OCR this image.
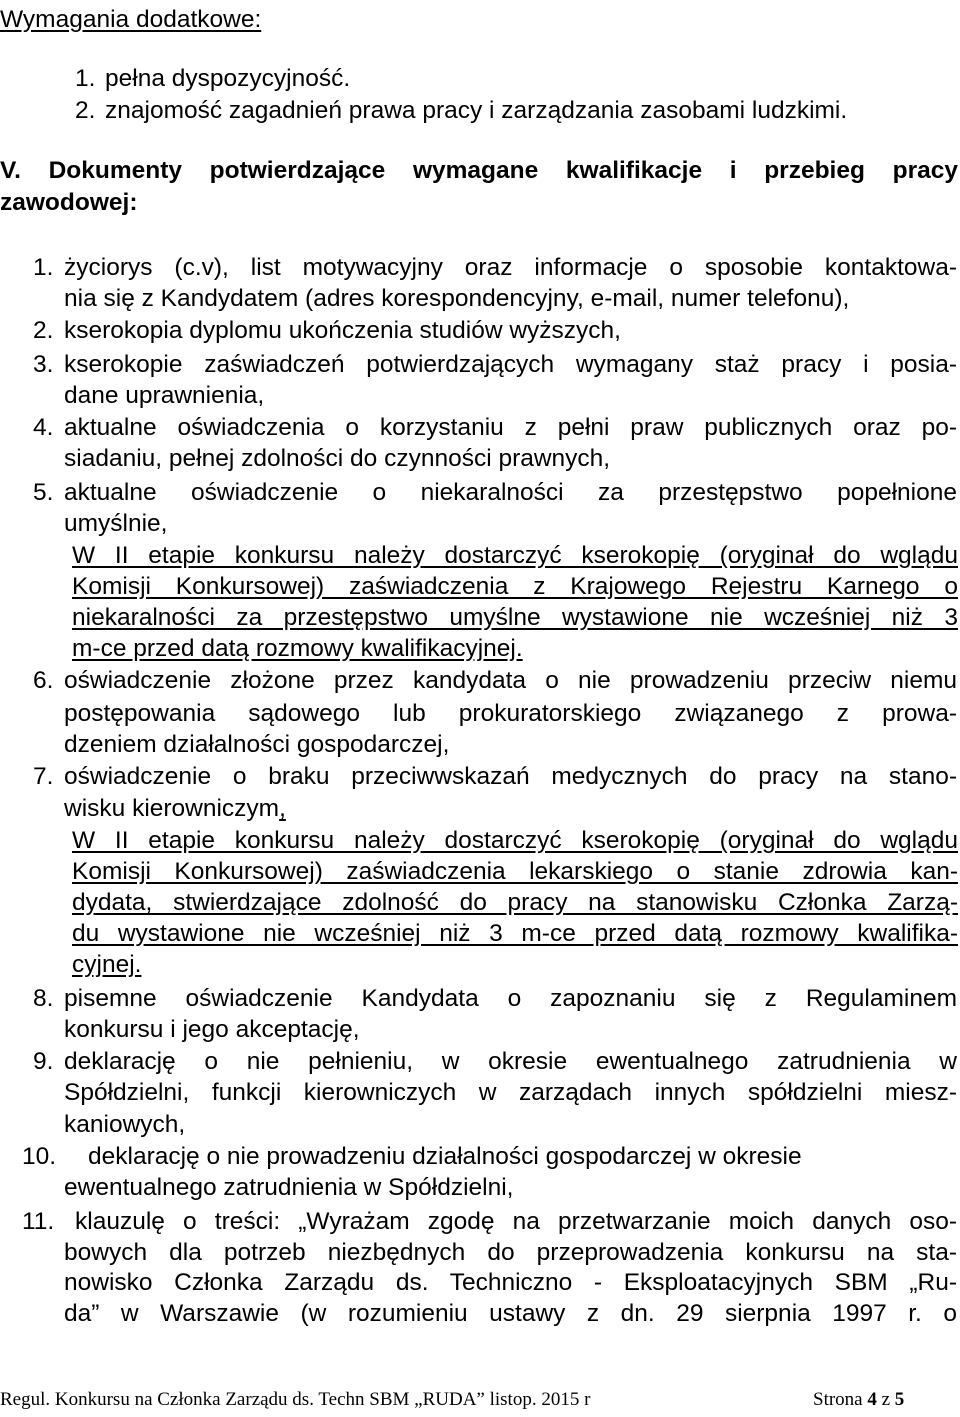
Wymagania dodatkowe:
1. pełna dyspozycyjność.
2. znajomość zagadnień prawa pracy i zarządzania zasobami ludzkimi.
V. Dokumenty potwierdzające wymagane kwalifikacje i przebieg pracy
zawodowej:
1. życiorys (c.v), list motywacyjny oraz informacje o sposobie kontaktowa-
nia się z Kandydatem (adres korespondencyjny, e-mail, numer telefonu),
2. kserokopia dyplomu ukończenia studiów wyższych,
3. kserokopie zaświadczeń potwierdzających wymagany staż pracy i posia-
dane uprawnienia,
4. aktualne oświadczenia o korzystaniu z pełni praw publicznych oraz po-
siadaniu, pełnej zdolności do czynności prawnych,
5. aktualne oświadczenie o niekaralności za przestępstwo popełnione
umyślnie,
W II etapie konkursu należy dostarczyć kserokopię (oryginał do wglądu
Komisji Konkursowej) zaświadczenia z Krajowego Rejestru Karnego o
niekaralności za przestępstwo umyślne wystawione nie wcześniej niż 3
m-ce przed datą rozmowy kwalifikacyjnej.
6. oświadczenie złożone przez kandydata o nie prowadzeniu przeciw niemu
postępowania sądowego lub prokuratorskiego związanego z prowa-
dzeniem działalności gospodarczej,
7. oświadczenie o braku przeciwwskazań medycznych do pracy na stano-
wisku kierowniczym,
W II etapie konkursu należy dostarczyć kserokopię (oryginał do wglądu
Komisji Konkursowej) zaświadczenia lekarskiego o stanie zdrowia kan-
dydata, stwierdzające zdolność do pracy na stanowisku Członka Zarzą-
du wystawione nie wcześniej niż 3 m-ce przed datą rozmowy kwalifika-
cyjnej.
8. pisemne oświadczenie Kandydata o zapoznaniu się z Regulaminem
konkursu i jego akceptację,
9. deklarację o nie pełnieniu, w okresie ewentualnego zatrudnienia w
Spółdzielni, funkcji kierowniczych w zarządach innych spółdzielni miesz-
kaniowych,
10. deklarację o nie prowadzeniu działalności gospodarczej w okresie
ewentualnego zatrudnienia w Spółdzielni,
11. klauzulę o treści: „Wyrażam zgodę na przetwarzanie moich danych oso-
bowych dla potrzeb niezbędnych do przeprowadzenia konkursu na sta-
nowisko Członka Zarządu ds. Techniczno - Eksploatacyjnych SBM „Ru-
da” w Warszawie (w rozumieniu ustawy z dn. 29 sierpnia 1997 r. o
Regul. Konkursu na Członka Zarządu ds. Techn SBM „RUDA” listop. 2015 r	Strona 4 z 5
